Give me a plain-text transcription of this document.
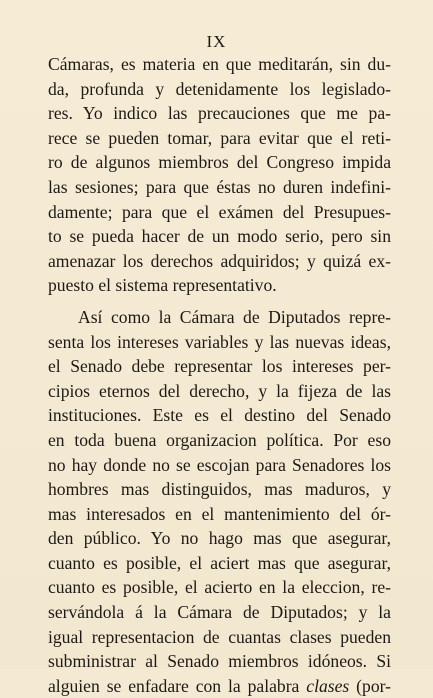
IX
Cámaras, es materia en que meditarán, sin du-
da, profunda y detenidamente los legislado-
res. Yo indico las precauciones que me pa-
rece se pueden tomar, para evitar que el reti-
ro de algunos miembros del Congreso impida
las sesiones; para que éstas no duren indefini-
damente; para que el exámen del Presupues-
to se pueda hacer de un modo serio, pero sin
amenazar los derechos adquiridos; y quizá ex-
puesto el sistema representativo.
Así como la Cámara de Diputados repre-
senta los intereses variables y las nuevas ideas,
el Senado debe representar los intereses per-
cipios eternos del derecho, y la fijeza de las
instituciones. Este es el destino del Senado
en toda buena organizacion política. Por eso
no hay donde no se escojan para Senadores los
hombres mas distinguidos, mas maduros, y
mas interesados en el mantenimiento del ór-
den público. Yo no hago mas que asegurar,
cuanto es posible, el aciert mas que asegurar,
cuanto es posible, el acierto en la eleccion, re-
servándola á la Cámara de Diputados; y la
igual representacion de cuantas clases pueden
subministrar al Senado miembros idóneos. Si
alguien se enfadare con la palabra clases (por-
